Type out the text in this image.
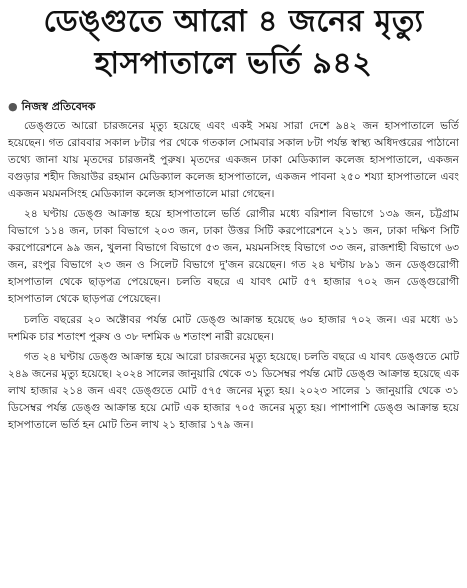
ডেঙ্গুতে আরো ৪ জনের মৃত্যু
হাসপাতালে ভর্তি ৯৪২
● নিজস্ব প্রতিবেদক

ডেঙ্গুতে আরো চারজনের মৃত্যু হয়েছে এবং একই সময় সারা দেশে ৯৪২ জন হাসপাতালে ভর্তি হয়েছেন। গত রোববার সকাল ৮টার পর থেকে গতকাল সোমবার সকাল ৮টা পর্যন্ত স্বাস্থ্য অধিদপ্তরের পাঠানো তথ্যে জানা যায় মৃতদের চারজনই পুরুষ। মৃতদের একজন ঢাকা মেডিক্যাল কলেজ হাসপাতালে, একজন বগুড়ার শহীদ জিয়াউর রহমান মেডিক্যাল কলেজ হাসপাতালে, একজন পাবনা ২৫০ শয্যা হাসপাতালে এবং একজন ময়মনসিংহ মেডিক্যাল কলেজ হাসপাতালে মারা গেছেন।

২৪ ঘণ্টায় ডেঙ্গু আক্রান্ত হয়ে হাসপাতালে ভর্তি রোগীর মধ্যে বরিশাল বিভাগে ১৩৯ জন, চট্টগ্রাম বিভাগে ১১৪ জন, ঢাকা বিভাগে ২০৩ জন, ঢাকা উত্তর সিটি করপোরেশনে ২১১ জন, ঢাকা দক্ষিণ সিটি করপোরেশনে ৯৯ জন, খুলনা বিভাগে বিভাগে ৫৩ জন, ময়মনসিংহ বিভাগে ৩৩ জন, রাজশাহী বিভাগে ৬৩ জন, রংপুর বিভাগে ২৩ জন ও সিলেট বিভাগে দু'জন রয়েছেন। গত ২৪ ঘণ্টায় ৮৯১ জন ডেঙ্গুরোগী হাসপাতাল থেকে ছাড়পত্র পেয়েছেন। চলতি বছরে এ যাবৎ মোট ৫৭ হাজার ৭০২ জন ডেঙ্গুরোগী হাসপাতাল থেকে ছাড়পত্র পেয়েছেন।

চলতি বছরের ২০ অক্টোবর পর্যন্ত মোট ডেঙ্গু আক্রান্ত হয়েছে ৬০ হাজার ৭০২ জন। এর মধ্যে ৬১ দশমিক চার শতাংশ পুরুষ ও ৩৮ দশমিক ৬ শতাংশ নারী রয়েছেন।

গত ২৪ ঘণ্টায় ডেঙ্গু আক্রান্ত হয়ে আরো চারজনের মৃত্যু হয়েছে। চলতি বছরে এ যাবৎ ডেঙ্গুতে মোট ২৪৯ জনের মৃত্যু হয়েছে। ২০২৪ সালের জানুয়ারি থেকে ৩১ ডিসেম্বর পর্যন্ত মোট ডেঙ্গু আক্রান্ত হয়েছে এক লাখ হাজার ২১৪ জন এবং ডেঙ্গুতে মোট ৫৭৫ জনের মৃত্যু হয়। ২০২৩ সালের ১ জানুয়ারি থেকে ৩১ ডিসেম্বর পর্যন্ত ডেঙ্গু আক্রান্ত হয়ে মোট এক হাজার ৭০৫ জনের মৃত্যু হয়। পাশাপাশি ডেঙ্গু আক্রান্ত হয়ে হাসপাতালে ভর্তি হন মোট তিন লাখ ২১ হাজার ১৭৯ জন।
